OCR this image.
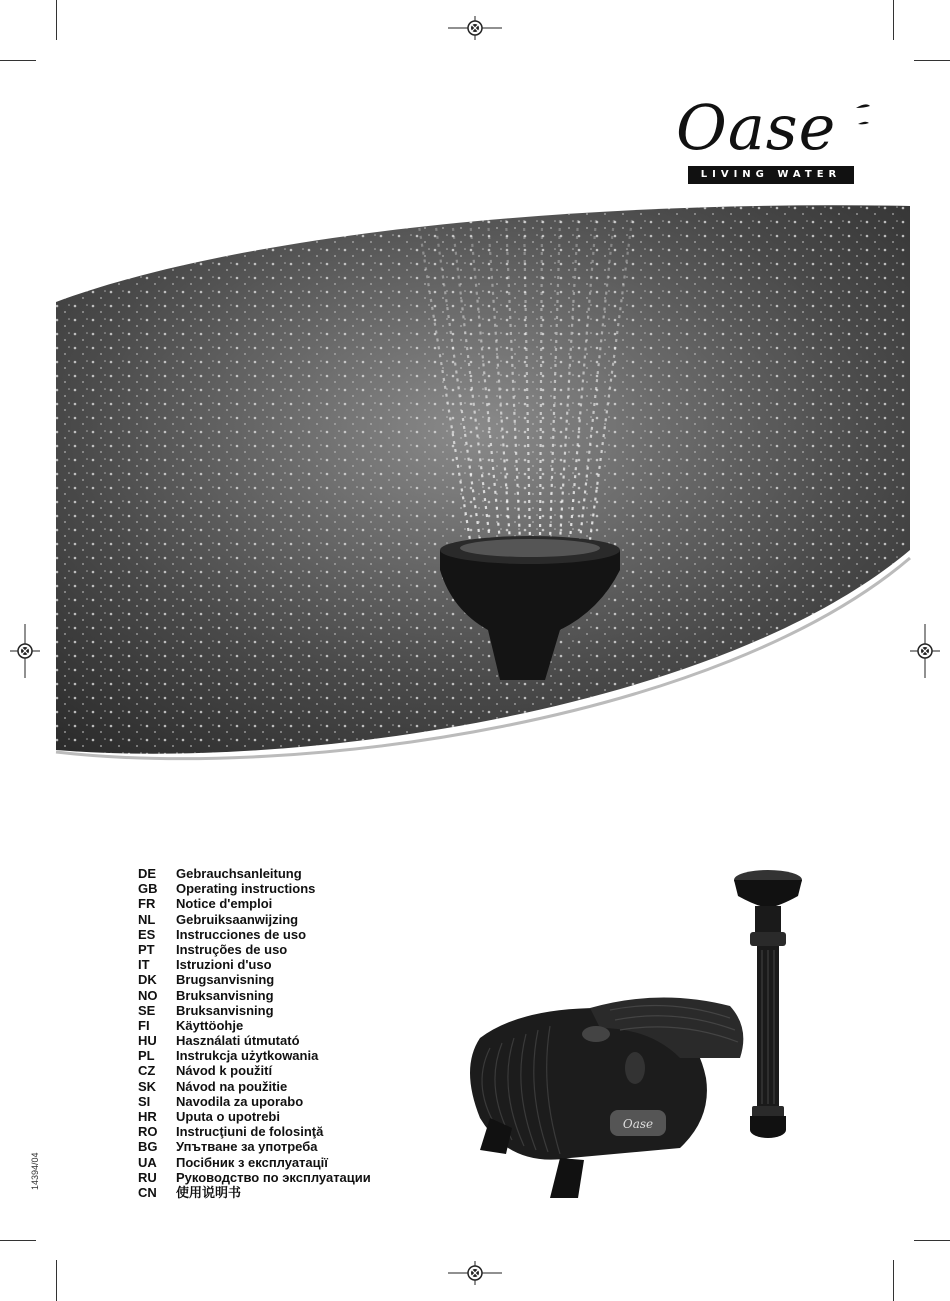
Oase
LIVING WATER
DE	Gebrauchsanleitung
GB	Operating instructions
FR	Notice d'emploi
NL	Gebruiksaanwijzing
ES	Instrucciones de uso
PT	Instruções de uso
IT	Istruzioni d'uso
DK	Brugsanvisning
NO	Bruksanvisning
SE	Bruksanvisning
FI	Käyttöohje
HU	Használati útmutató
PL	Instrukcja użytkowania
CZ	Návod k použití
SK	Návod na použitie
SI	Navodila za uporabo
HR	Uputa o upotrebi
RO	Instrucţiuni de folosinţă
BG	Упътване за употреба
UA	Посібник з експлуатації
RU	Руководство по эксплуатации
CN	使用说明书
14394/04
Oase
